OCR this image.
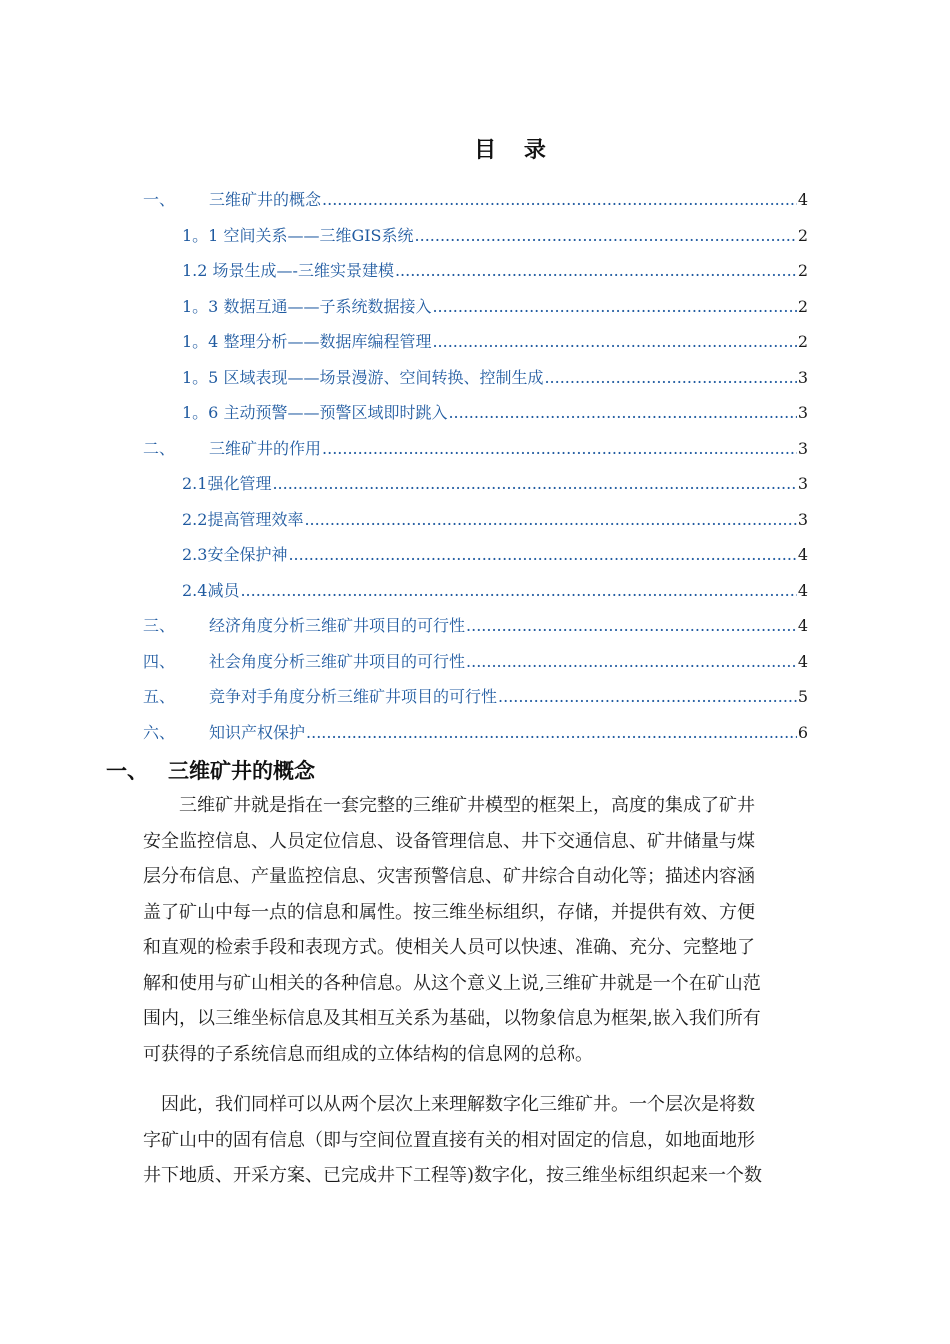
目 录
一、	三维矿井的概念 .....	4
1。1 空间关系——三维GIS系统 .....	2
1.2 场景生成—-三维实景建模 .....	2
1。3 数据互通——子系统数据接入 .....	2
1。4 整理分析——数据库编程管理 .....	2
1。5 区域表现——场景漫游、空间转换、控制生成 .....	3
1。6 主动预警——预警区域即时跳入 .....	3
二、	三维矿井的作用 .....	3
2.1强化管理 .....	3
2.2提高管理效率 .....	3
2.3安全保护神 .....	4
2.4减员 .....	4
三、	经济角度分析三维矿井项目的可行性 .....	4
四、	社会角度分析三维矿井项目的可行性 .....	4
五、	竞争对手角度分析三维矿井项目的可行性 .....	5
六、	知识产权保护 .....	6
一、 三维矿井的概念
　　三维矿井就是指在一套完整的三维矿井模型的框架上，高度的集成了矿井
安全监控信息、人员定位信息、设备管理信息、井下交通信息、矿井储量与煤
层分布信息、产量监控信息、灾害预警信息、矿井综合自动化等；描述内容涵
盖了矿山中每一点的信息和属性。按三维坐标组织，存储，并提供有效、方便
和直观的检索手段和表现方式。使相关人员可以快速、准确、充分、完整地了
解和使用与矿山相关的各种信息。从这个意义上说,三维矿井就是一个在矿山范
围内，以三维坐标信息及其相互关系为基础，以物象信息为框架,嵌入我们所有
可获得的子系统信息而组成的立体结构的信息网的总称。
　因此，我们同样可以从两个层次上来理解数字化三维矿井。一个层次是将数
字矿山中的固有信息（即与空间位置直接有关的相对固定的信息，如地面地形
井下地质、开采方案、已完成井下工程等)数字化，按三维坐标组织起来一个数
